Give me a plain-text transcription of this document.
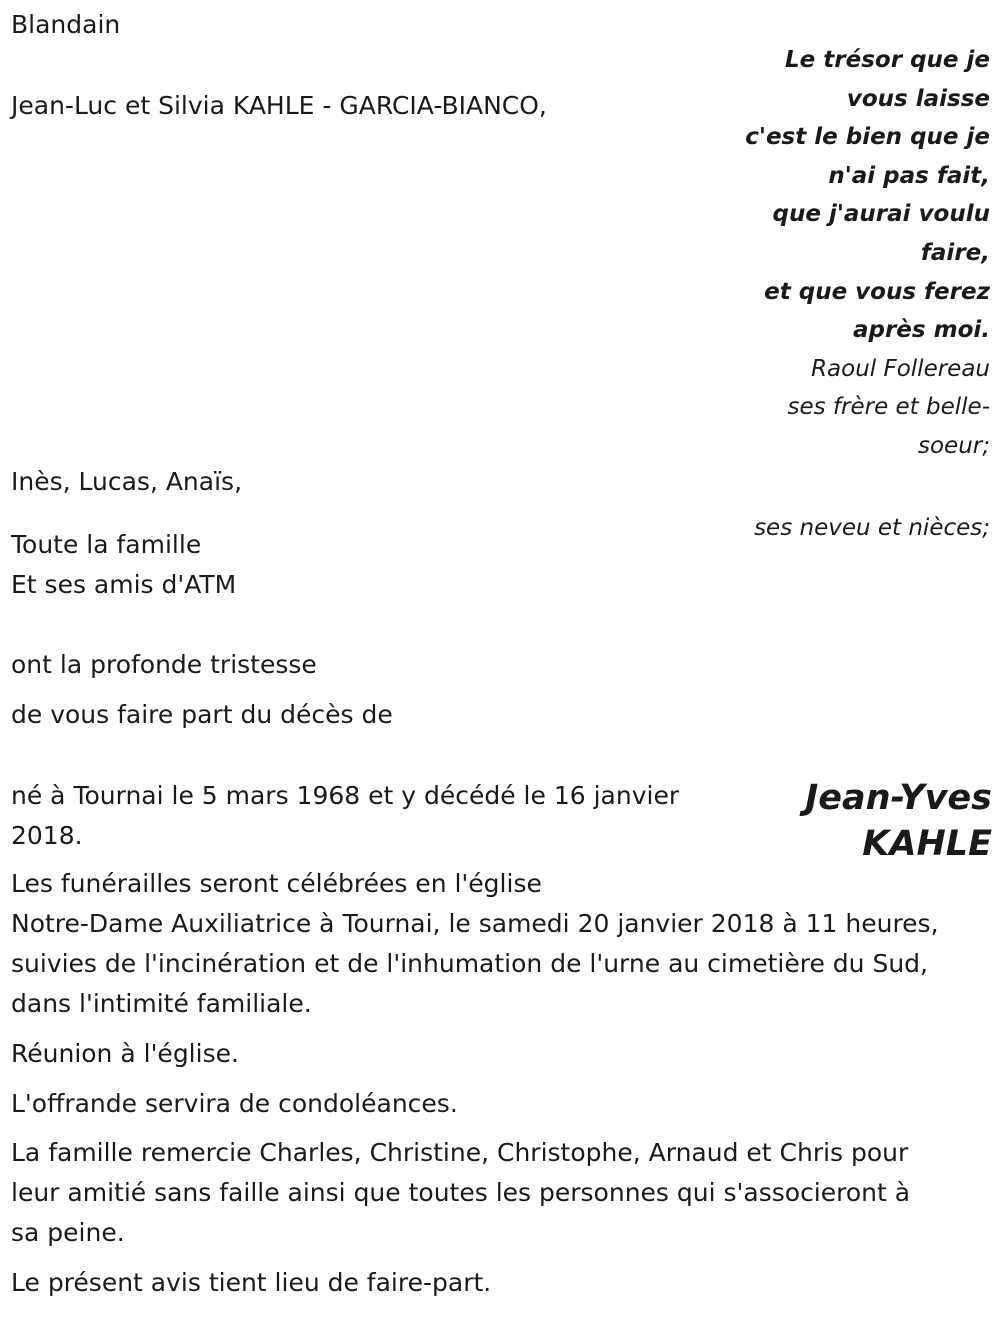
Blandain

Jean-Luc et Silvia KAHLE - GARCIA-BIANCO,

Le trésor que je
vous laisse
c'est le bien que je
n'ai pas fait,
que j'aurai voulu
faire,
et que vous ferez
après moi.
Raoul Follereau
ses frère et belle-
soeur;

Inès, Lucas, Anaïs,

ses neveu et nièces;

Toute la famille

Et ses amis d'ATM

ont la profonde tristesse

de vous faire part du décès de

Jean-Yves
KAHLE

né à Tournai le 5 mars 1968 et y décédé le 16 janvier

2018.

Les funérailles seront célébrées en l'église

Notre-Dame Auxiliatrice à Tournai, le samedi 20 janvier 2018 à 11 heures,

suivies de l'incinération et de l'inhumation de l'urne au cimetière du Sud,

dans l'intimité familiale.

Réunion à l'église.

L'offrande servira de condoléances.

La famille remercie Charles, Christine, Christophe, Arnaud et Chris pour

leur amitié sans faille ainsi que toutes les personnes qui s'associeront à

sa peine.

Le présent avis tient lieu de faire-part.
